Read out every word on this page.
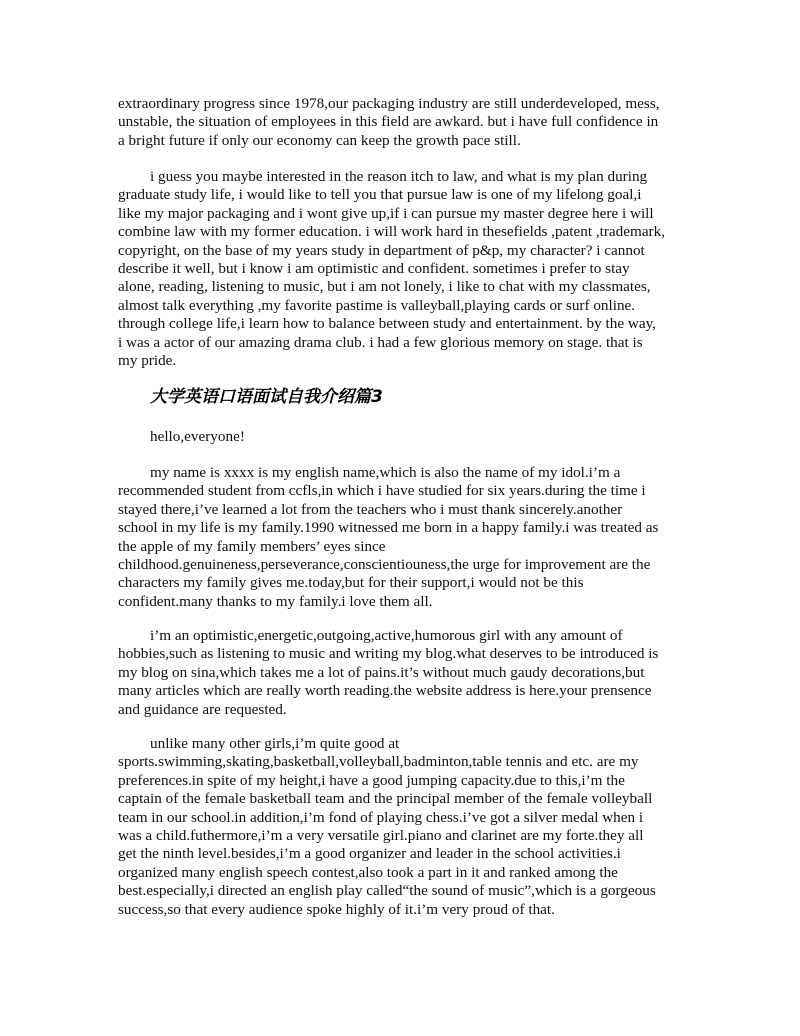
extraordinary progress since 1978,our packaging industry are still underdeveloped, mess,
unstable, the situation of employees in this field are awkard. but i have full confidence in
a bright future if only our economy can keep the growth pace still.

i guess you maybe interested in the reason itch to law, and what is my plan during
graduate study life, i would like to tell you that pursue law is one of my lifelong goal,i
like my major packaging and i wont give up,if i can pursue my master degree here i will
combine law with my former education. i will work hard in thesefields ,patent ,trademark,
copyright, on the base of my years study in department of p&p, my character? i cannot
describe it well, but i know i am optimistic and confident. sometimes i prefer to stay
alone, reading, listening to music, but i am not lonely, i like to chat with my classmates,
almost talk everything ,my favorite pastime is valleyball,playing cards or surf online.
through college life,i learn how to balance between study and entertainment. by the way,
i was a actor of our amazing drama club. i had a few glorious memory on stage. that is
my pride.

大学英语口语面试自我介绍篇3

hello,everyone!

my name is xxxx is my english name,which is also the name of my idol.i’m a
recommended student from ccfls,in which i have studied for six years.during the time i
stayed there,i’ve learned a lot from the teachers who i must thank sincerely.another
school in my life is my family.1990 witnessed me born in a happy family.i was treated as
the apple of my family members’ eyes since
childhood.genuineness,perseverance,conscientiouness,the urge for improvement are the
characters my family gives me.today,but for their support,i would not be this
confident.many thanks to my family.i love them all.

i’m an optimistic,energetic,outgoing,active,humorous girl with any amount of
hobbies,such as listening to music and writing my blog.what deserves to be introduced is
my blog on sina,which takes me a lot of pains.it’s without much gaudy decorations,but
many articles which are really worth reading.the website address is here.your prensence
and guidance are requested.

unlike many other girls,i’m quite good at
sports.swimming,skating,basketball,volleyball,badminton,table tennis and etc. are my
preferences.in spite of my height,i have a good jumping capacity.due to this,i’m the
captain of the female basketball team and the principal member of the female volleyball
team in our school.in addition,i’m fond of playing chess.i’ve got a silver medal when i
was a child.futhermore,i’m a very versatile girl.piano and clarinet are my forte.they all
get the ninth level.besides,i’m a good organizer and leader in the school activities.i
organized many english speech contest,also took a part in it and ranked among the
best.especially,i directed an english play called“the sound of music”,which is a gorgeous
success,so that every audience spoke highly of it.i’m very proud of that.
